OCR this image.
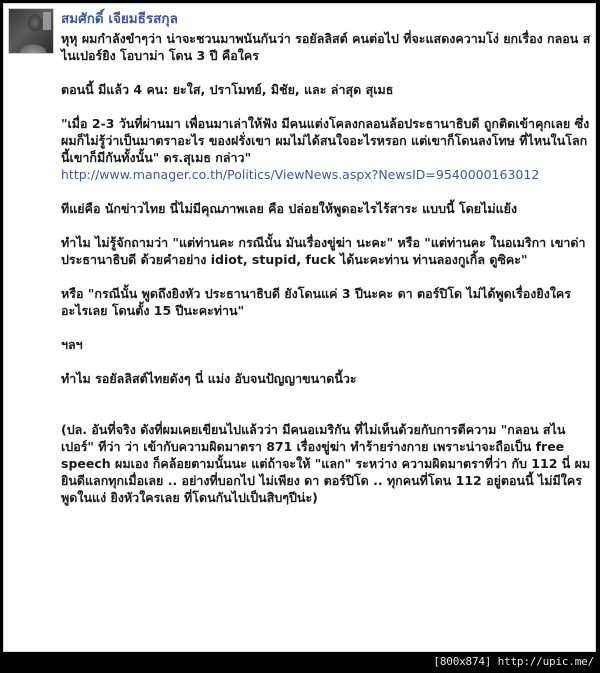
สมศักดิ์ เจียมธีรสกุล

หุหุ ผมกำลังขำๆว่า น่าจะชวนมาพนันกันว่า รอยัลลิสต์ คนต่อไป ที่จะแสดงความโง่ ยกเรื่อง กลอน สไนเปอร์ยิง โอบาม่า โดน 3 ปี คือใคร

ตอนนี้ มีแล้ว 4 คน: ยะใส, ปราโมทย์, มิชัย, และ ล่าสุด สุเมธ

"เมื่อ 2-3 วันที่ผ่านมา เพื่อนมาเล่าให้ฟัง มีคนแต่งโคลงกลอนล้อประธานาธิบดี ถูกติดเข้าคุกเลย ซึ่งผมก็ไม่รู้ว่าเป็นมาตราอะไร ของฝรั่งเขา ผมไม่ได้สนใจอะไรหรอก แต่เขาก็โดนลงโทษ ที่ไหนในโลกนี้เขาก็มีกันทั้งนั้น" ดร.สุเมธ กล่าว"
http://www.manager.co.th/Politics/ViewNews.aspx?NewsID=9540000163012

ทีแย่คือ นักข่าวไทย นี่ไม่มีคุณภาพเลย คือ ปล่อยให้พูดอะไรไร้สาระ แบบนี้ โดยไม่แย้ง

ทำไม ไม่รู้จักถามว่า "แต่ท่านคะ กรณีนั้น มันเรื่องขู่ฆ่า นะคะ" หรือ "แต่ท่านคะ ในอเมริกา เขาด่าประธานาธิบดี ด้วยคำอย่าง idiot, stupid, fuck ได้นะคะท่าน ท่านลองกูเกิ้ล ดูซิคะ"

หรือ "กรณีนั้น พูดถึงยิงหัว ประธานาธิบดี ยังโดนแค่ 3 ปีนะคะ ดา ตอร์ปิโด ไม่ได้พูดเรื่องยิงใครอะไรเลย โดนตั้ง 15 ปีนะคะท่าน"

ฯลฯ

ทำไม รอยัลลิสต์ไทยดังๆ นี่ แม่ง อับจนปัญญาขนาดนี้วะ

(ปล. อันที่จริง ดังที่ผมเคยเขียนไปแล้วว่า มีคนอเมริกัน ที่ไม่เห็นด้วยกับการตีความ "กลอน สไนเปอร์" ทีว่า ว่า เข้ากับความผิดมาตรา 871 เรื่องขู่ฆ่า ทำร้ายร่างกาย เพราะน่าจะถือเป็น free speech ผมเอง ก็คล้อยตามนั้นนะ แต่ถ้าจะให้ "แลก" ระหว่าง ความผิดมาตราที่ว่า กับ 112 นี่ ผมยินดีแลกทุกเมื่อเลย .. อย่างที่บอกไป ไม่เพียง ดา ตอร์ปิโด .. ทุกคนที่โดน 112 อยู่ตอนนี้ ไม่มีใคร พูดในแง่ ยิงหัวใครเลย ที่โดนกันไปเป็นสิบๆปีน่ะ)

[800x874] http://upic.me/
